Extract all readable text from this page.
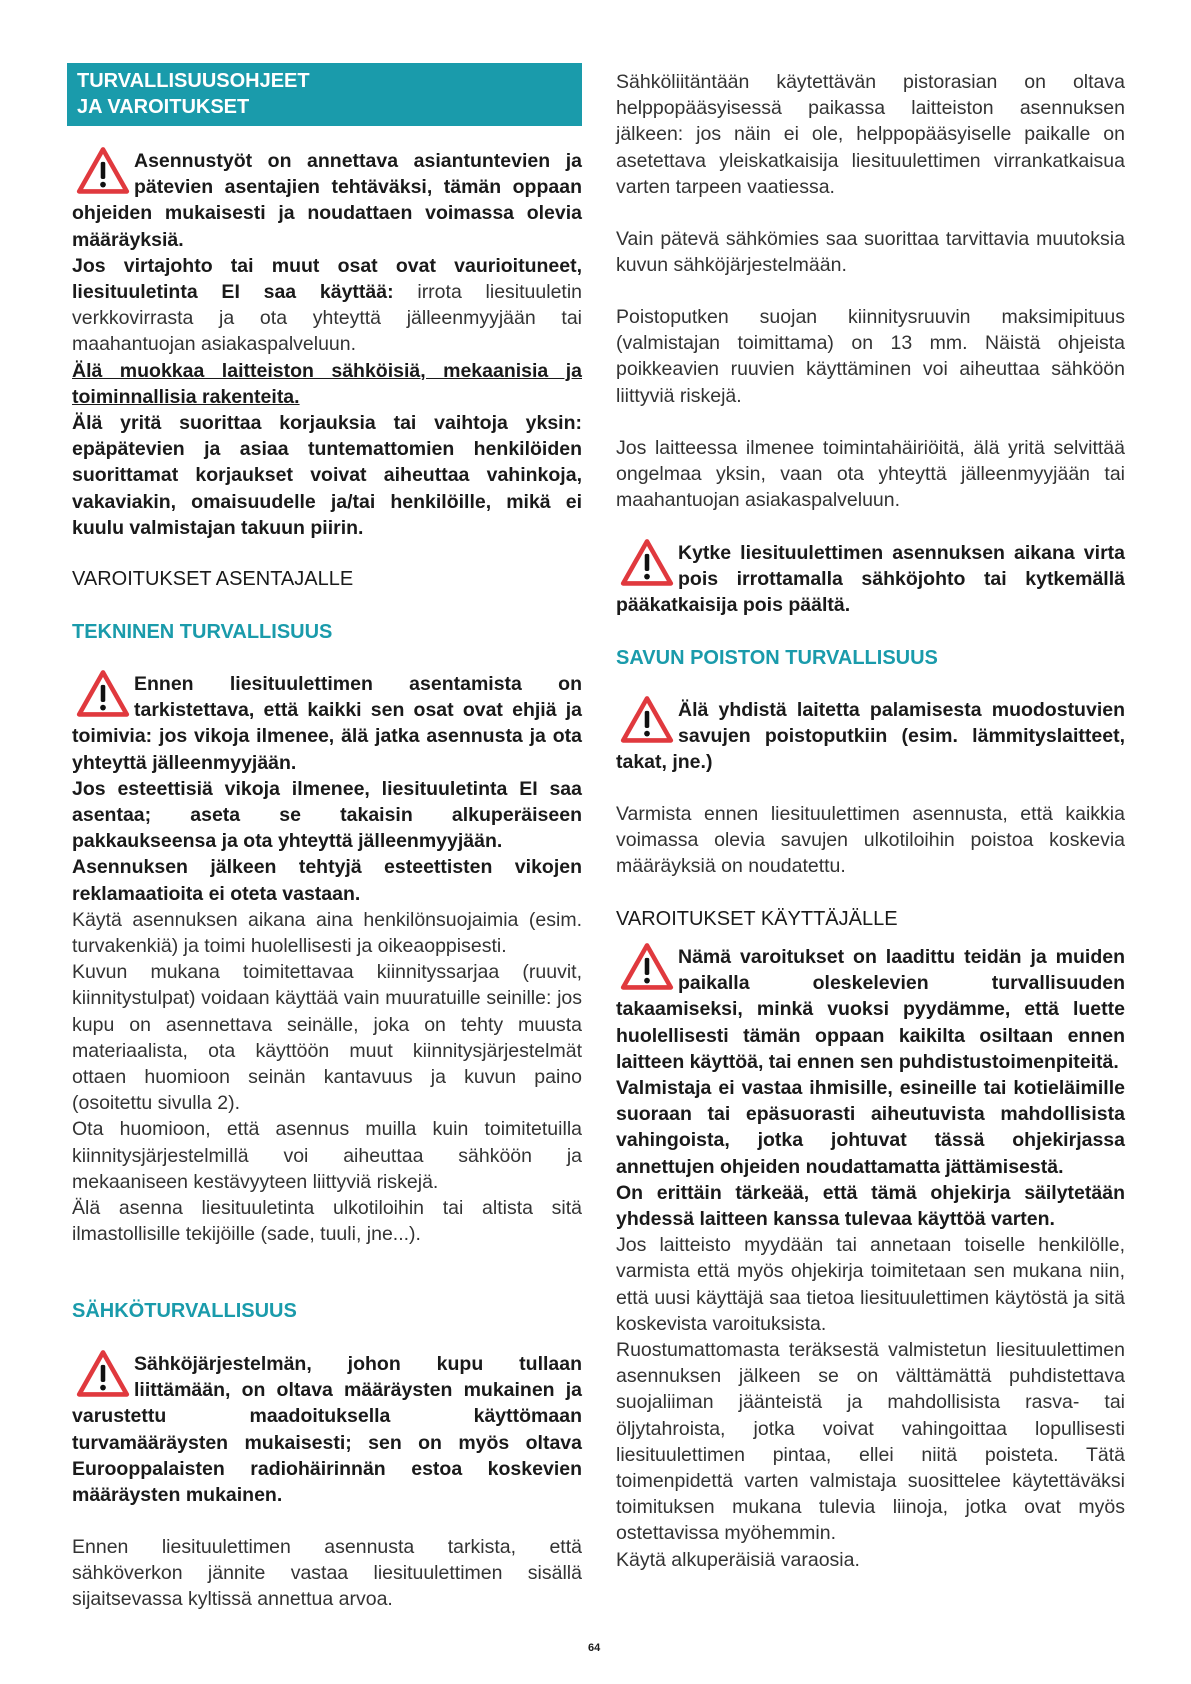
TURVALLISUUSOHJEET
JA VAROITUKSET

Asennustyöt on annettava asiantuntevien ja pätevien asentajien tehtäväksi, tämän oppaan ohjeiden mukaisesti ja noudattaen voimassa olevia määräyksiä.

Jos virtajohto tai muut osat ovat vaurioituneet, liesituuletinta EI saa käyttää: irrota liesituuletin verkkovirrasta ja ota yhteyttä jälleenmyyjään tai maahantuojan asiakaspalveluun.

Älä muokkaa laitteiston sähköisiä, mekaanisia ja toiminnallisia rakenteita.

Älä yritä suorittaa korjauksia tai vaihtoja yksin: epäpätevien ja asiaa tuntemattomien henkilöiden suorittamat korjaukset voivat aiheuttaa vahinkoja, vakaviakin, omaisuudelle ja/tai henkilöille, mikä ei kuulu valmistajan takuun piirin.

VAROITUKSET ASENTAJALLE
TEKNINEN TURVALLISUUS

Ennen liesituulettimen asentamista on tarkistettava, että kaikki sen osat ovat ehjiä ja toimivia: jos vikoja ilmenee, älä jatka asennusta ja ota yhteyttä jälleenmyyjään.

Jos esteettisiä vikoja ilmenee, liesituuletinta EI saa asentaa; aseta se takaisin alkuperäiseen pakkaukseensa ja ota yhteyttä jälleenmyyjään.

Asennuksen jälkeen tehtyjä esteettisten vikojen reklamaatioita ei oteta vastaan.

Käytä asennuksen aikana aina henkilönsuojaimia (esim. turvakenkiä) ja toimi huolellisesti ja oikeaoppisesti.

Kuvun mukana toimitettavaa kiinnityssarjaa (ruuvit, kiinnitystulpat) voidaan käyttää vain muuratuille seinille: jos kupu on asennettava seinälle, joka on tehty muusta materiaalista, ota käyttöön muut kiinnitysjärjestelmät ottaen huomioon seinän kantavuus ja kuvun paino (osoitettu sivulla 2).

Ota huomioon, että asennus muilla kuin toimitetuilla kiinnitysjärjestelmillä voi aiheuttaa sähköön ja mekaaniseen kestävyyteen liittyviä riskejä.

Älä asenna liesituuletinta ulkotiloihin tai altista sitä ilmastollisille tekijöille (sade, tuuli, jne...).

SÄHKÖTURVALLISUUS

Sähköjärjestelmän, johon kupu tullaan liittämään, on oltava määräysten mukainen ja varustettu maadoituksella käyttömaan turvamääräysten mukaisesti; sen on myös oltava Eurooppalaisten radiohäirinnän estoa koskevien määräysten mukainen.

Ennen liesituulettimen asennusta tarkista, että sähköverkon jännite vastaa liesituulettimen sisällä sijaitsevassa kyltissä annettua arvoa.
Sähköliitäntään käytettävän pistorasian on oltava helppopääsyisessä paikassa laitteiston asennuksen jälkeen: jos näin ei ole, helppopääsyiselle paikalle on asetettava yleiskatkaisija liesituulettimen virrankatkaisua varten tarpeen vaatiessa.
Vain pätevä sähkömies saa suorittaa tarvittavia muutoksia kuvun sähköjärjestelmään.
Poistoputken suojan kiinnitysruuvin maksimipituus (valmistajan toimittama) on 13 mm. Näistä ohjeista poikkeavien ruuvien käyttäminen voi aiheuttaa sähköön liittyviä riskejä.
Jos laitteessa ilmenee toimintahäiriöitä, älä yritä selvittää ongelmaa yksin, vaan ota yhteyttä jälleenmyyjään tai maahantuojan asiakaspalveluun.

Kytke liesituulettimen asennuksen aikana virta pois irrottamalla sähköjohto tai kytkemällä pääkatkaisija pois päältä.

SAVUN POISTON TURVALLISUUS

Älä yhdistä laitetta palamisesta muodostuvien savujen poistoputkiin (esim. lämmityslaitteet, takat, jne.)

Varmista ennen liesituulettimen asennusta, että kaikkia voimassa olevia savujen ulkotiloihin poistoa koskevia määräyksiä on noudatettu.
VAROITUKSET KÄYTTÄJÄLLE

Nämä varoitukset on laadittu teidän ja muiden paikalla oleskelevien turvallisuuden takaamiseksi, minkä vuoksi pyydämme, että luette huolellisesti tämän oppaan kaikilta osiltaan ennen laitteen käyttöä, tai ennen sen puhdistustoimenpiteitä.

Valmistaja ei vastaa ihmisille, esineille tai kotieläimille suoraan tai epäsuorasti aiheutuvista mahdollisista vahingoista, jotka johtuvat tässä ohjekirjassa annettujen ohjeiden noudattamatta jättämisestä.

On erittäin tärkeää, että tämä ohjekirja säilytetään yhdessä laitteen kanssa tulevaa käyttöä varten.

Jos laitteisto myydään tai annetaan toiselle henkilölle, varmista että myös ohjekirja toimitetaan sen mukana niin, että uusi käyttäjä saa tietoa liesituulettimen käytöstä ja sitä koskevista varoituksista.

Ruostumattomasta teräksestä valmistetun liesituulettimen asennuksen jälkeen se on välttämättä puhdistettava suojaliiman jäänteistä ja mahdollisista rasva- tai öljytahroista, jotka voivat vahingoittaa lopullisesti liesituulettimen pintaa, ellei niitä poisteta. Tätä toimenpidettä varten valmistaja suosittelee käytettäväksi toimituksen mukana tulevia liinoja, jotka ovat myös ostettavissa myöhemmin.

Käytä alkuperäisiä varaosia.

64
